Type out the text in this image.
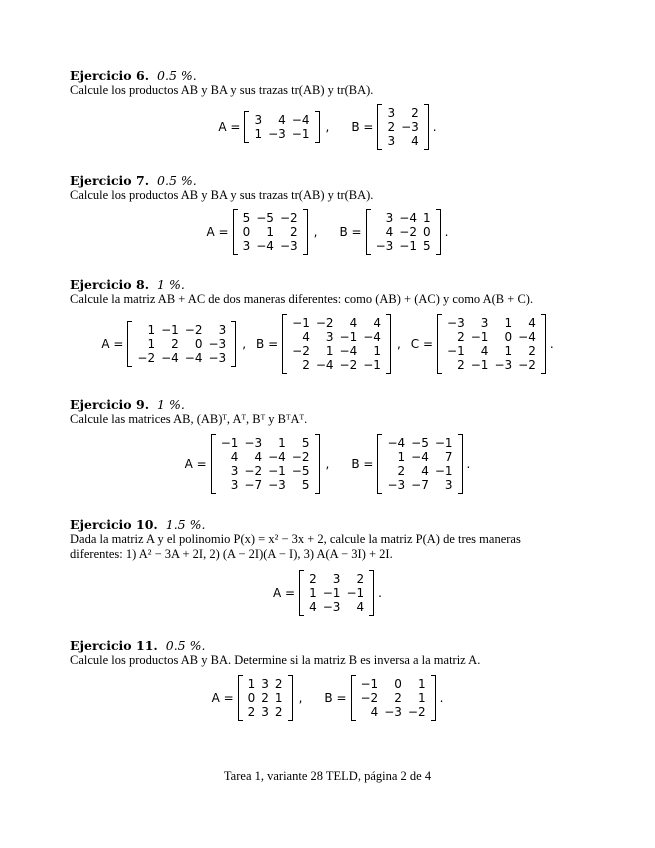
Ejercicio 6. 0.5 %.
Calcule los productos AB y BA y sus trazas tr(AB) y tr(BA).
A = 3	4	−4
1	−3	−1 , B =
3	2
2	−3
3	4
.
Ejercicio 7. 0.5 %.
Calcule los productos AB y BA y sus trazas tr(AB) y tr(BA).
A =
5	−5	−2
0	1	2
3	−4	−3
, B =
3	−4	1
4	−2	0
−3	−1	5
.
Ejercicio 8. 1 %.
Calcule la matriz AB + AC de dos maneras diferentes: como (AB) + (AC) y como A(B + C).
A =
1	−1	−2	3
1	2	0	−3
−2	−4	−4	−3
, B =
−1	−2	4	4
4	3	−1	−4
−2	1	−4	1
2	−4	−2	−1
, C =
−3	3	1	4
2	−1	0	−4
−1	4	1	2
2	−1	−3	−2
.
Ejercicio 9. 1 %.
Calcule las matrices AB, (AB)ᵀ, Aᵀ, Bᵀ y BᵀAᵀ.
A =
−1	−3	1	5
4	4	−4	−2
3	−2	−1	−5
3	−7	−3	5
, B =
−4	−5	−1
1	−4	7
2	4	−1
−3	−7	3
.
Ejercicio 10. 1.5 %.
Dada la matriz A y el polinomio P(x) = x² − 3x + 2, calcule la matriz P(A) de tres maneras
diferentes: 1) A² − 3A + 2I, 2) (A − 2I)(A − I), 3) A(A − 3I) + 2I.
A =
2	3	2
1	−1	−1
4	−3	4
.
Ejercicio 11. 0.5 %.
Calcule los productos AB y BA. Determine si la matriz B es inversa a la matriz A.
A =
1	3	2
0	2	1
2	3	2
, B =
−1	0	1
−2	2	1
4	−3	−2
.
Tarea 1, variante 28 TELD, página 2 de 4
